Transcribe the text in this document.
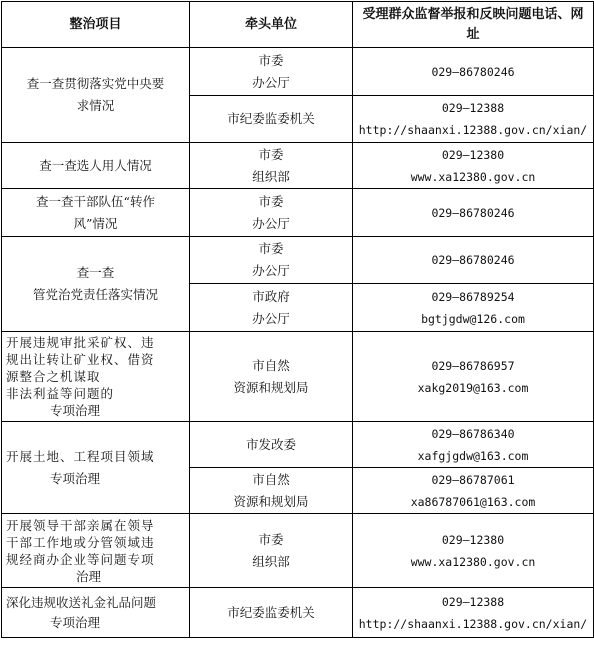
整治项目	牵头单位	受理群众监督举报和反映问题电话、网址

查一查贯彻落实党中央要
求情况	市委
办公厅	029—86780246

	市纪委监委机关	029—12388
http://shaanxi.12388.gov.cn/xian/

查一查选人用人情况	市委
组织部	029—12380
www.xa12380.gov.cn

查一查干部队伍“转作
风”情况	市委
办公厅	029—86780246

查一查
管党治党责任落实情况	市委
办公厅	029—86780246

	市政府
办公厅	029—86789254
bgtjgdw@126.com

开展违规审批采矿权、违
规出让转让矿业权、借资
源整合之机谋取
非法利益等问题的
专项治理	市自然
资源和规划局	029—86786957
xakg2019@163.com

开展土地、工程项目领域
专项治理	市发改委	029—86786340
xafgjgdw@163.com

	市自然
资源和规划局	029—86787061
xa86787061@163.com

开展领导干部亲属在领导
干部工作地或分管领域违
规经商办企业等问题专项
治理	市委
组织部	029—12380
www.xa12380.gov.cn

深化违规收送礼金礼品问题
专项治理	市纪委监委机关	029—12388
http://shaanxi.12388.gov.cn/xian/
